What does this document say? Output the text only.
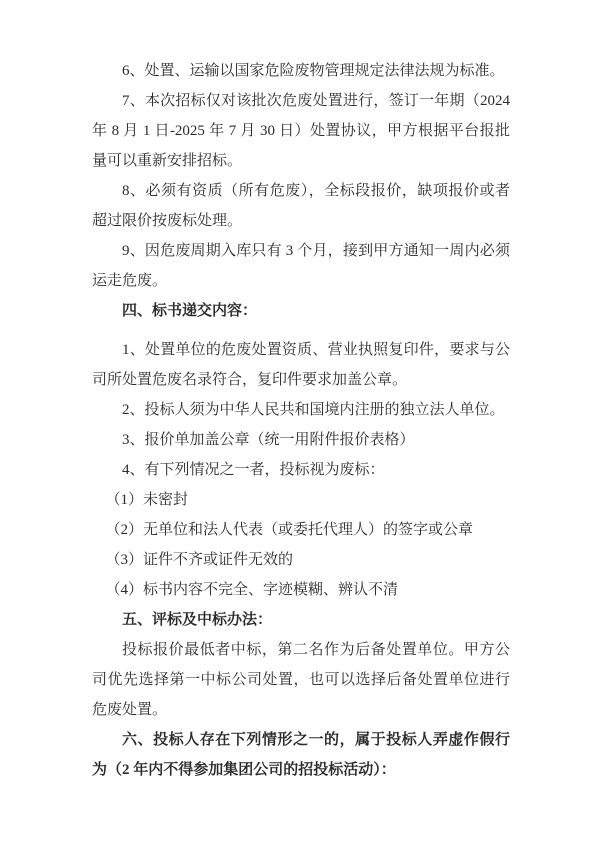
6、处置、运输以国家危险废物管理规定法律法规为标准。

7、本次招标仅对该批次危废处置进行，签订一年期（2024 年 8 月 1 日-2025 年 7 月 30 日）处置协议，甲方根据平台报批量可以重新安排招标。

8、必须有资质（所有危废），全标段报价，缺项报价或者超过限价按废标处理。

9、因危废周期入库只有 3 个月，接到甲方通知一周内必须运走危废。

四、标书递交内容：

1、处置单位的危废处置资质、营业执照复印件，要求与公司所处置危废名录符合，复印件要求加盖公章。

2、投标人须为中华人民共和国境内注册的独立法人单位。

3、报价单加盖公章（统一用附件报价表格）

4、有下列情况之一者，投标视为废标：

（1）未密封

（2）无单位和法人代表（或委托代理人）的签字或公章

（3）证件不齐或证件无效的

（4）标书内容不完全、字迹模糊、辨认不清

五、评标及中标办法：

投标报价最低者中标，第二名作为后备处置单位。甲方公司优先选择第一中标公司处置，也可以选择后备处置单位进行危废处置。

六、投标人存在下列情形之一的，属于投标人弄虚作假行为（2 年内不得参加集团公司的招投标活动）：
